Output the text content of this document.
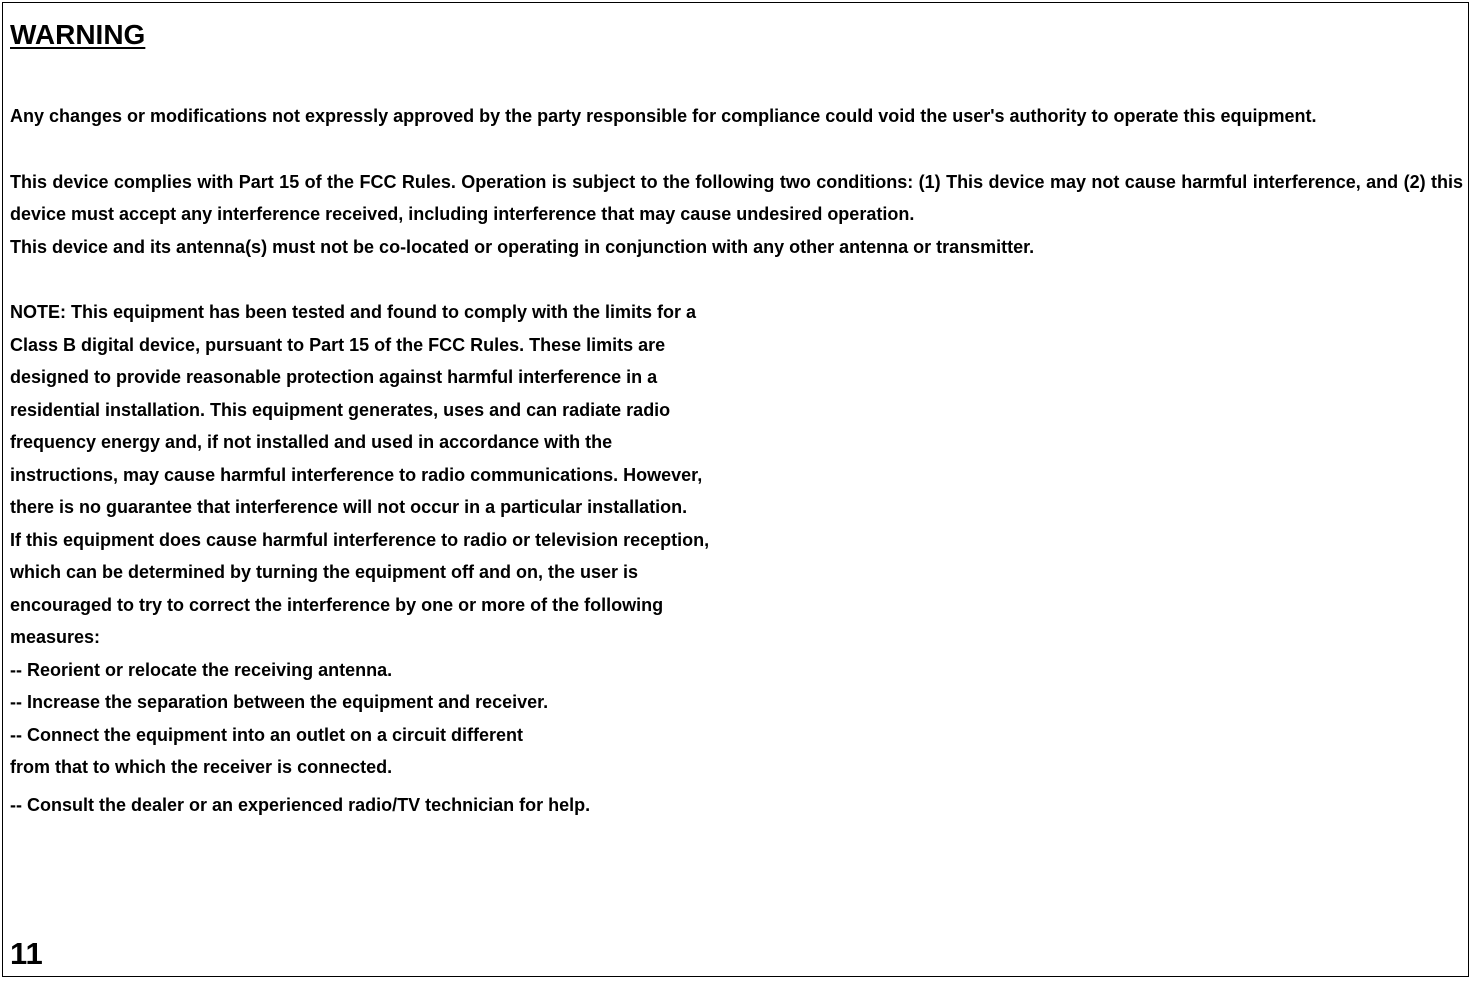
WARNING

Any changes or modifications not expressly approved by the party responsible for compliance could void the user's authority to operate this equipment.

This device complies with Part 15 of the FCC Rules. Operation is subject to the following two conditions: (1) This device may not cause harmful interference, and (2) this device must accept any interference received, including interference that may cause undesired operation.

This device and its antenna(s) must not be co-located or operating in conjunction with any other antenna or transmitter.

NOTE: This equipment has been tested and found to comply with the limits for a
Class B digital device, pursuant to Part 15 of the FCC Rules. These limits are
designed to provide reasonable protection against harmful interference in a
residential installation. This equipment generates, uses and can radiate radio
frequency energy and, if not installed and used in accordance with the
instructions, may cause harmful interference to radio communications. However,
there is no guarantee that interference will not occur in a particular installation.
If this equipment does cause harmful interference to radio or television reception,
which can be determined by turning the equipment off and on, the user is
encouraged to try to correct the interference by one or more of the following
measures:
-- Reorient or relocate the receiving antenna.
-- Increase the separation between the equipment and receiver.
-- Connect the equipment into an outlet on a circuit different
from that to which the receiver is connected.
-- Consult the dealer or an experienced radio/TV technician for help.

11
